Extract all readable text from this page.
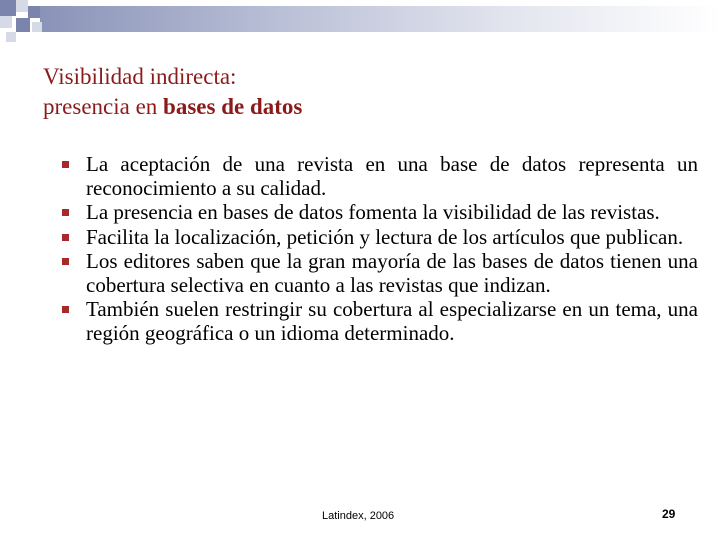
Visibilidad indirecta:
presencia en bases de datos
La aceptación de una revista en una base de datos representa un reconocimiento a su calidad.
La presencia en bases de datos fomenta la visibilidad de las revistas.
Facilita la localización, petición y lectura de los artículos que publican.
Los editores saben que la gran mayoría de las bases de datos tienen una cobertura selectiva en cuanto a las revistas que indizan.
También suelen restringir su cobertura al especializarse en un tema, una región geográfica o un idioma determinado.
Latindex, 2006	29
